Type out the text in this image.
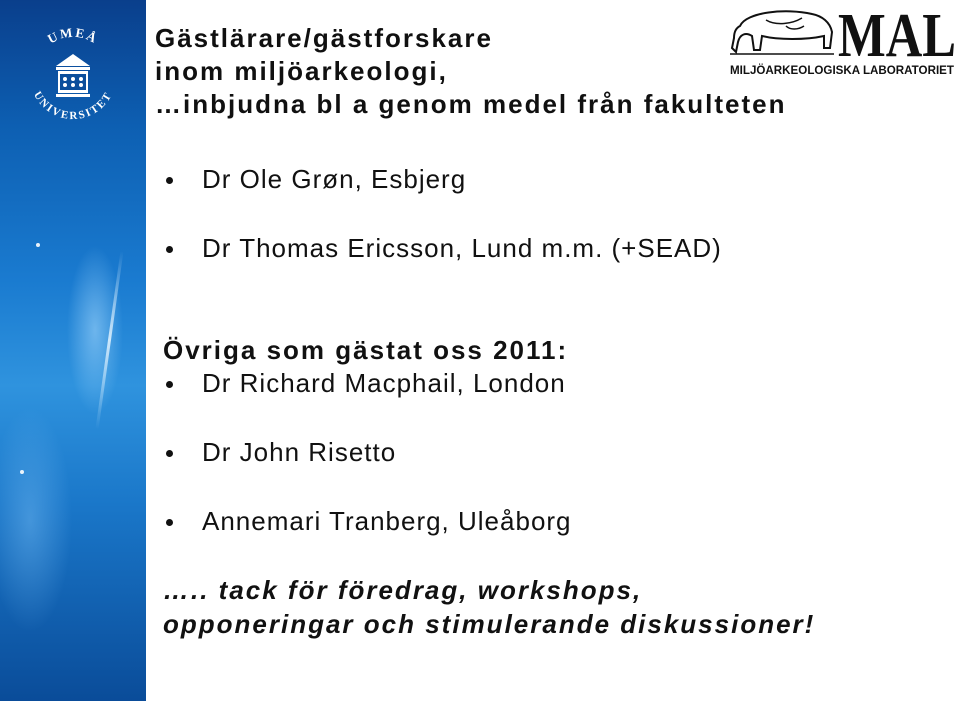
UMEÅ
UNIVERSITET
MAL
MILJÖARKEOLOGISKA LABORATORIET
Gästlärare/gästforskare
inom miljöarkeologi,
…inbjudna bl a genom medel från fakulteten
Dr Ole Grøn, Esbjerg
Dr Thomas Ericsson, Lund m.m. (+SEAD)
Övriga som gästat oss 2011:
Dr Richard Macphail, London
Dr John Risetto
Annemari Tranberg, Uleåborg
….. tack för föredrag, workshops,
opponeringar och stimulerande diskussioner!
